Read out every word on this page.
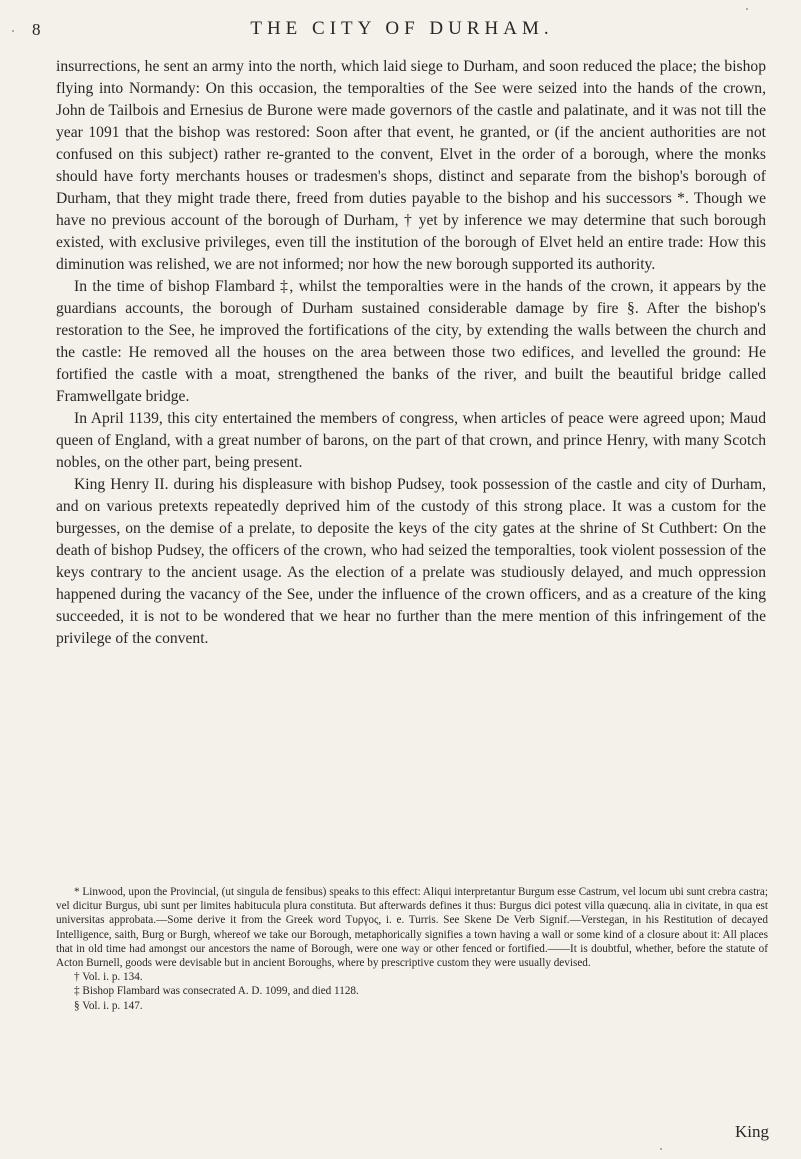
8	THE CITY OF DURHAM.

insurrections, he sent an army into the north, which laid siege to Durham, and soon reduced the place; the bishop flying into Normandy: On this occasion, the temporalties of the See were seized into the hands of the crown, John de Tailbois and Ernesius de Burone were made governors of the castle and palatinate, and it was not till the year 1091 that the bishop was restored: Soon after that event, he granted, or (if the ancient authorities are not confused on this subject) rather re-granted to the convent, Elvet in the order of a borough, where the monks should have forty merchants houses or tradesmen's shops, distinct and separate from the bishop's borough of Durham, that they might trade there, freed from duties payable to the bishop and his successors *. Though we have no previous account of the borough of Durham, † yet by inference we may determine that such borough existed, with exclusive privileges, even till the institution of the borough of Elvet held an entire trade: How this diminution was relished, we are not informed; nor how the new borough supported its authority.

In the time of bishop Flambard ‡, whilst the temporalties were in the hands of the crown, it appears by the guardians accounts, the borough of Durham sustained considerable damage by fire §. After the bishop's restoration to the See, he improved the fortifications of the city, by extending the walls between the church and the castle: He removed all the houses on the area between those two edifices, and levelled the ground: He fortified the castle with a moat, strengthened the banks of the river, and built the beautiful bridge called Framwellgate bridge.

In April 1139, this city entertained the members of congress, when articles of peace were agreed upon; Maud queen of England, with a great number of barons, on the part of that crown, and prince Henry, with many Scotch nobles, on the other part, being present.

King Henry II. during his displeasure with bishop Pudsey, took possession of the castle and city of Durham, and on various pretexts repeatedly deprived him of the custody of this strong place. It was a custom for the burgesses, on the demise of a prelate, to deposite the keys of the city gates at the shrine of St Cuthbert: On the death of bishop Pudsey, the officers of the crown, who had seized the temporalties, took violent possession of the keys contrary to the ancient usage. As the election of a prelate was studiously delayed, and much oppression happened during the vacancy of the See, under the influence of the crown officers, and as a creature of the king succeeded, it is not to be wondered that we hear no further than the mere mention of this infringement of the privilege of the convent.

* Linwood, upon the Provincial, (ut singula de fensibus) speaks to this effect: Aliqui interpretantur Burgum esse Castrum, vel locum ubi sunt crebra castra; vel dicitur Burgus, ubi sunt per limites habitucula plura constituta. But afterwards defines it thus: Burgus dici potest villa quæcunq. alia in civitate, in qua est universitas approbata.—Some derive it from the Greek word Τυργος, i. e. Turris. See Skene De Verb Signif.—Verstegan, in his Restitution of decayed Intelligence, saith, Burg or Burgh, whereof we take our Borough, metaphorically signifies a town having a wall or some kind of a closure about it: All places that in old time had amongst our ancestors the name of Borough, were one way or other fenced or fortified.——It is doubtful, whether, before the statute of Acton Burnell, goods were devisable but in ancient Boroughs, where by prescriptive custom they were usually devised.

† Vol. i. p. 134.

‡ Bishop Flambard was consecrated A. D. 1099, and died 1128.

§ Vol. i. p. 147.

King
